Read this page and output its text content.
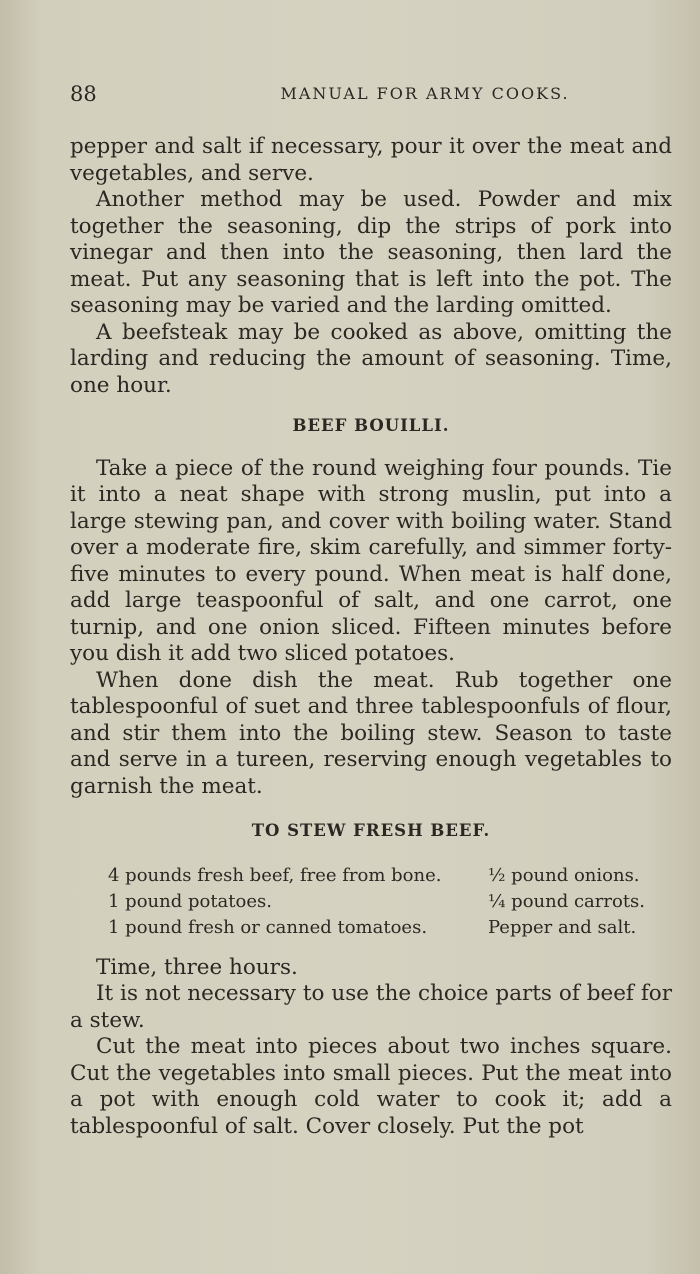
88	MANUAL FOR ARMY COOKS.

pepper and salt if necessary, pour it over the meat and vegetables, and serve.

Another method may be used. Powder and mix together the seasoning, dip the strips of pork into vinegar and then into the seasoning, then lard the meat. Put any seasoning that is left into the pot. The seasoning may be varied and the larding omitted.

A beefsteak may be cooked as above, omitting the larding and reducing the amount of seasoning. Time, one hour.

BEEF BOUILLI.

Take a piece of the round weighing four pounds. Tie it into a neat shape with strong muslin, put into a large stewing pan, and cover with boiling water. Stand over a moderate fire, skim carefully, and simmer forty-five minutes to every pound. When meat is half done, add large teaspoonful of salt, and one carrot, one turnip, and one onion sliced. Fifteen minutes before you dish it add two sliced potatoes.

When done dish the meat. Rub together one tablespoonful of suet and three tablespoonfuls of flour, and stir them into the boiling stew. Season to taste and serve in a tureen, reserving enough vegetables to garnish the meat.

TO STEW FRESH BEEF.
4 pounds fresh beef, free from bone.	½ pound onions.
1 pound potatoes.	¼ pound carrots.
1 pound fresh or canned tomatoes.	Pepper and salt.

Time, three hours.

It is not necessary to use the choice parts of beef for a stew.

Cut the meat into pieces about two inches square. Cut the vegetables into small pieces. Put the meat into a pot with enough cold water to cook it; add a tablespoonful of salt. Cover closely. Put the pot
